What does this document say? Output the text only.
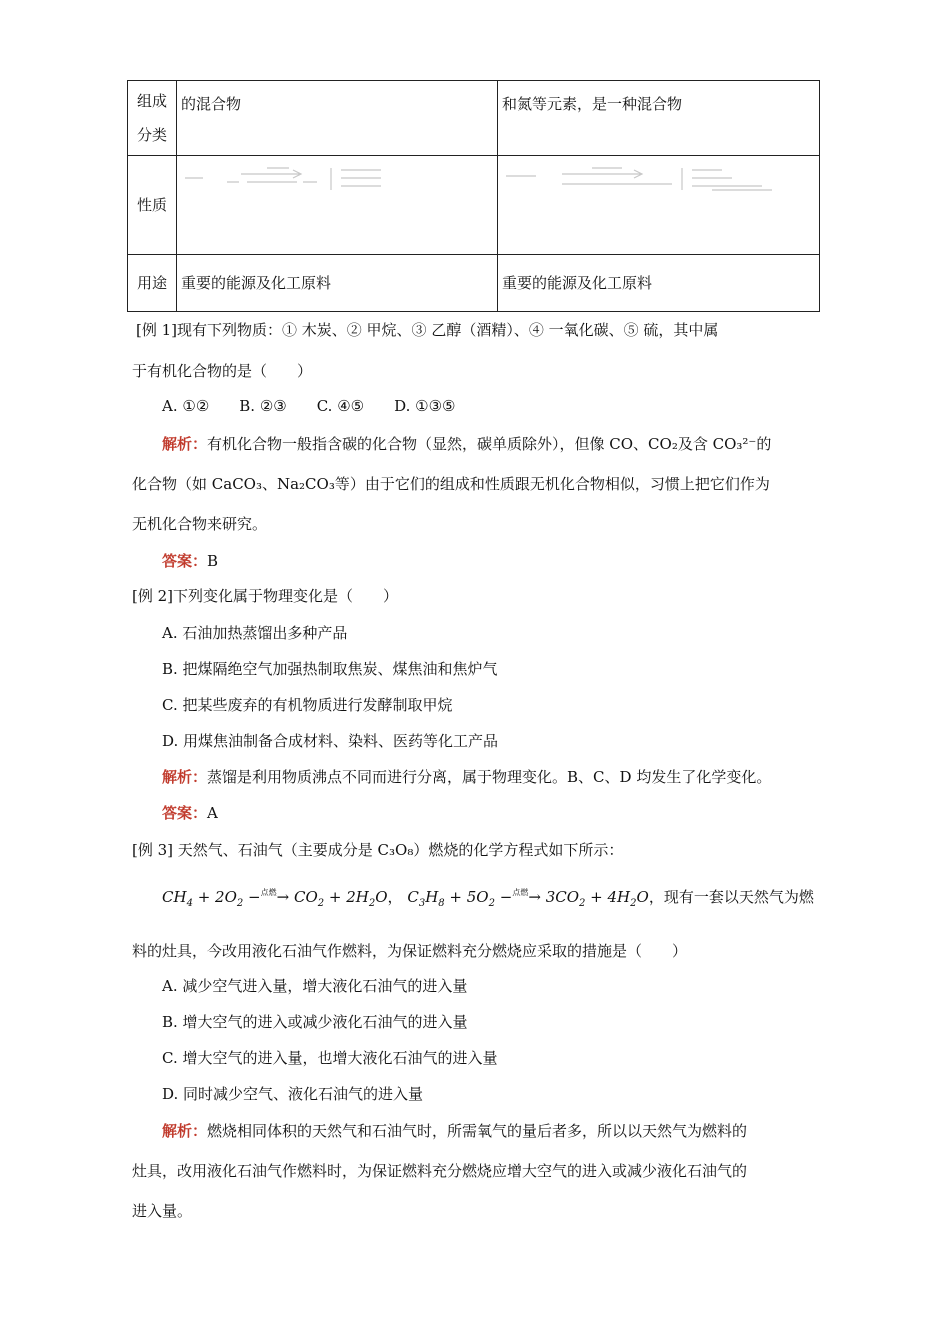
组成分类	的混合物	和氮等元素，是一种混合物
性质	

用途	重要的能源及化工原料	重要的能源及化工原料
[例 1]现有下列物质：① 木炭、② 甲烷、③ 乙醇（酒精）、④ 一氧化碳、⑤ 硫，其中属
于有机化合物的是（　　）
A. ①②　　B. ②③　　C. ④⑤　　D. ①③⑤
解析：有机化合物一般指含碳的化合物（显然，碳单质除外），但像 CO、CO₂及含 CO₃²⁻的
化合物（如 CaCO₃、Na₂CO₃等）由于它们的组成和性质跟无机化合物相似，习惯上把它们作为
无机化合物来研究。
答案：B
[例 2]下列变化属于物理变化是（　　）
A. 石油加热蒸馏出多种产品
B. 把煤隔绝空气加强热制取焦炭、煤焦油和焦炉气
C. 把某些废弃的有机物质进行发酵制取甲烷
D. 用煤焦油制备合成材料、染料、医药等化工产品
解析：蒸馏是利用物质沸点不同而进行分离，属于物理变化。B、C、D 均发生了化学变化。
答案：A
[例 3] 天然气、石油气（主要成分是 C₃O₈）燃烧的化学方程式如下所示：
$CH_4 + 2O_2 -^{点燃}\to CO_2 + 2H_2O$， $C_3H_8 + 5O_2 -^{点燃}\to 3CO_2 + 4H_2O$，现有一套以天然气为燃
料的灶具，今改用液化石油气作燃料，为保证燃料充分燃烧应采取的措施是（　　）
A. 减少空气进入量，增大液化石油气的进入量
B. 增大空气的进入或减少液化石油气的进入量
C. 增大空气的进入量，也增大液化石油气的进入量
D. 同时减少空气、液化石油气的进入量
解析：燃烧相同体积的天然气和石油气时，所需氧气的量后者多，所以以天然气为燃料的
灶具，改用液化石油气作燃料时，为保证燃料充分燃烧应增大空气的进入或减少液化石油气的
进入量。
